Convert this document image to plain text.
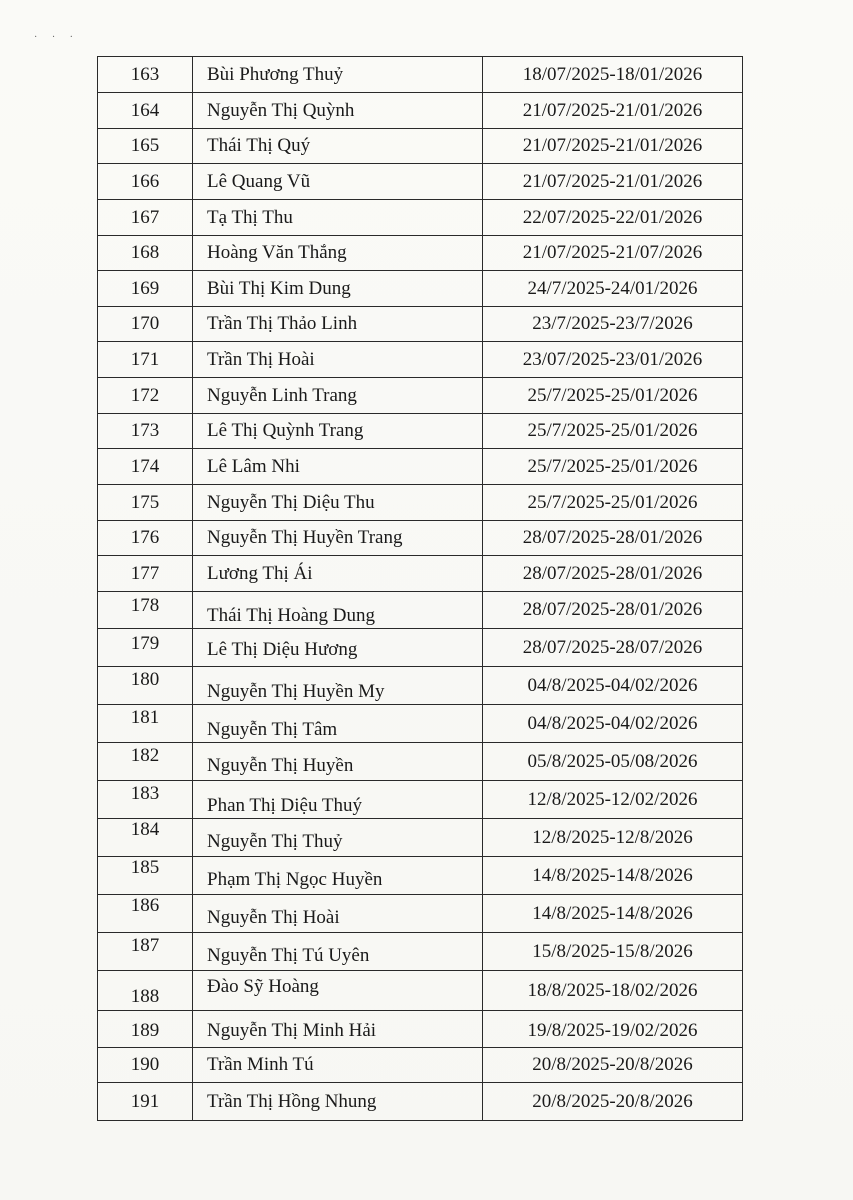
· · ·
163	Bùi Phương Thuỷ	18/07/2025-18/01/2026
164	Nguyễn Thị Quỳnh	21/07/2025-21/01/2026
165	Thái Thị Quý	21/07/2025-21/01/2026
166	Lê Quang Vũ	21/07/2025-21/01/2026
167	Tạ Thị Thu	22/07/2025-22/01/2026
168	Hoàng Văn Thắng	21/07/2025-21/07/2026
169	Bùi Thị Kim Dung	24/7/2025-24/01/2026
170	Trần Thị Thảo Linh	23/7/2025-23/7/2026
171	Trần Thị Hoài	23/07/2025-23/01/2026
172	Nguyễn Linh Trang	25/7/2025-25/01/2026
173	Lê Thị Quỳnh Trang	25/7/2025-25/01/2026
174	Lê Lâm Nhi	25/7/2025-25/01/2026
175	Nguyễn Thị Diệu Thu	25/7/2025-25/01/2026
176	Nguyễn Thị Huyền Trang	28/07/2025-28/01/2026
177	Lương Thị Ái	28/07/2025-28/01/2026
178	Thái Thị Hoàng Dung	28/07/2025-28/01/2026
179	Lê Thị Diệu Hương	28/07/2025-28/07/2026
180	Nguyễn Thị Huyền My	04/8/2025-04/02/2026
181	Nguyễn Thị Tâm	04/8/2025-04/02/2026
182	Nguyễn Thị Huyền	05/8/2025-05/08/2026
183	Phan Thị Diệu Thuý	12/8/2025-12/02/2026
184	Nguyễn Thị Thuỷ	12/8/2025-12/8/2026
185	Phạm Thị Ngọc Huyền	14/8/2025-14/8/2026
186	Nguyễn Thị Hoài	14/8/2025-14/8/2026
187	Nguyễn Thị Tú Uyên	15/8/2025-15/8/2026
188	Đào Sỹ Hoàng	18/8/2025-18/02/2026
189	Nguyễn Thị Minh Hải	19/8/2025-19/02/2026
190	Trần Minh Tú	20/8/2025-20/8/2026
191	Trần Thị Hồng Nhung	20/8/2025-20/8/2026
